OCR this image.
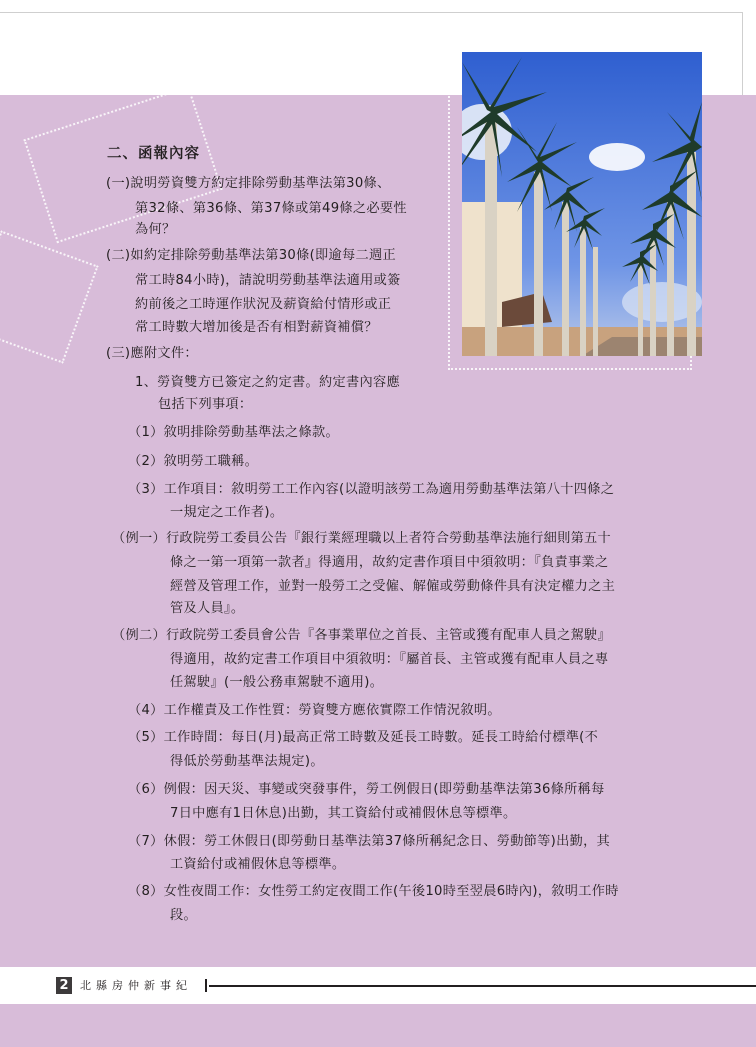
二、函報內容
(一)說明勞資雙方約定排除勞動基準法第30條、
第32條、第36條、第37條或第49條之必要性
為何？
(二)如約定排除勞動基準法第30條(即逾每二週正
常工時84小時)，請說明勞動基準法適用或簽
約前後之工時運作狀況及薪資給付情形或正
常工時數大增加後是否有相對薪資補償？
(三)應附文件：
1、勞資雙方已簽定之約定書。約定書內容應
包括下列事項：
（1）敘明排除勞動基準法之條款。
（2）敘明勞工職稱。
（3）工作項目：敘明勞工工作內容(以證明該勞工為適用勞動基準法第八十四條之
一規定之工作者)。
（例一）行政院勞工委員公告『銀行業經理職以上者符合勞動基準法施行細則第五十
條之一第一項第一款者』得適用，故約定書作項目中須敘明：『負責事業之
經營及管理工作，並對一般勞工之受僱、解僱或勞動條件具有決定權力之主
管及人員』。
（例二）行政院勞工委員會公告『各事業單位之首長、主管或獲有配車人員之駕駛』
得適用，故約定書工作項目中須敘明：『屬首長、主管或獲有配車人員之專
任駕駛』(一般公務車駕駛不適用)。
（4）工作權責及工作性質：勞資雙方應依實際工作情況敘明。
（5）工作時間：每日(月)最高正常工時數及延長工時數。延長工時給付標準(不
得低於勞動基準法規定)。
（6）例假：因天災、事變或突發事件，勞工例假日(即勞動基準法第36條所稱每
7日中應有1日休息)出勤，其工資給付或補假休息等標準。
（7）休假：勞工休假日(即勞動日基準法第37條所稱紀念日、勞動節等)出勤，其
工資給付或補假休息等標準。
（8）女性夜間工作：女性勞工約定夜間工作(午後10時至翌晨6時內)，敘明工作時
段。
2	北縣房仲新事紀
